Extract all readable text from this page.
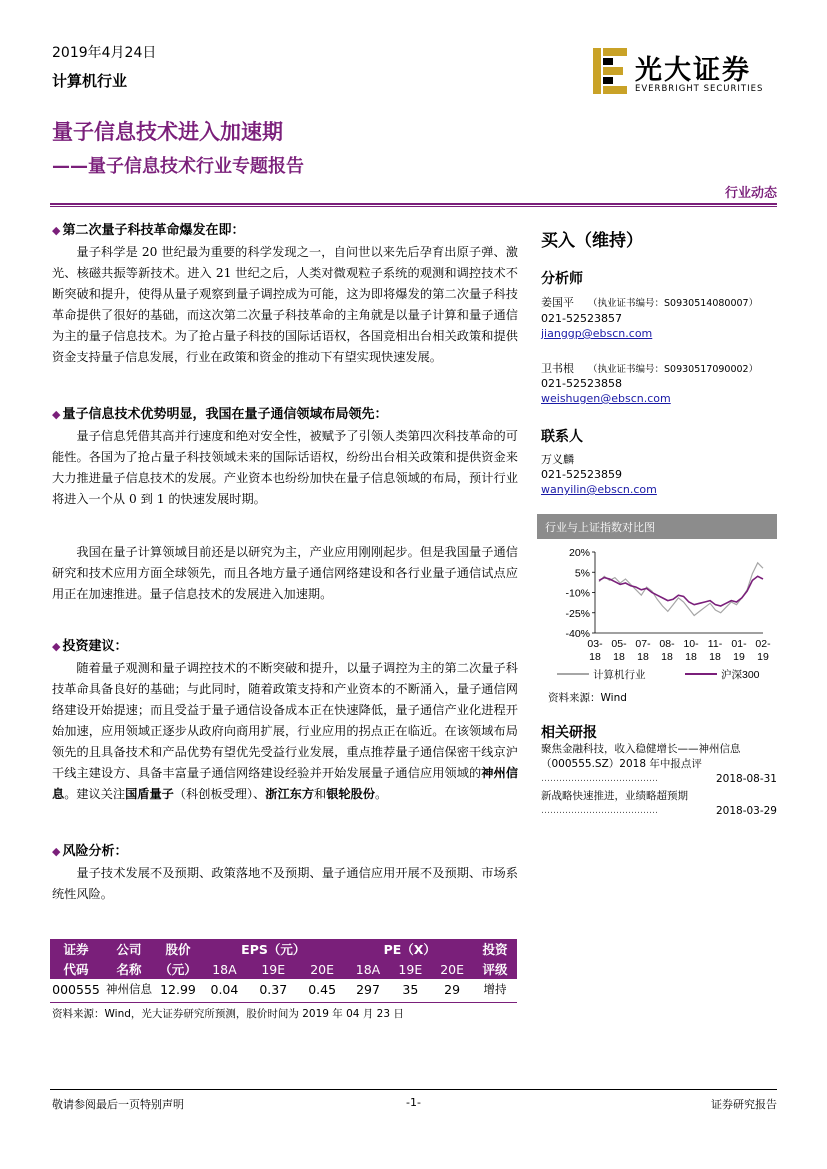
2019年4月24日
计算机行业
量子信息技术进入加速期
——量子信息技术行业专题报告
光大证券
EVERBRIGHT SECURITIES
行业动态
◆ 第二次量子科技革命爆发在即：
量子科学是 20 世纪最为重要的科学发现之一，自问世以来先后孕育出原子弹、激光、核磁共振等新技术。进入 21 世纪之后，人类对微观粒子系统的观测和调控技术不断突破和提升，使得从量子观察到量子调控成为可能，这为即将爆发的第二次量子科技革命提供了很好的基础，而这次第二次量子科技革命的主角就是以量子计算和量子通信为主的量子信息技术。为了抢占量子科技的国际话语权，各国竞相出台相关政策和提供资金支持量子信息发展，行业在政策和资金的推动下有望实现快速发展。
◆ 量子信息技术优势明显，我国在量子通信领域布局领先：
量子信息凭借其高并行速度和绝对安全性，被赋予了引领人类第四次科技革命的可能性。各国为了抢占量子科技领域未来的国际话语权，纷纷出台相关政策和提供资金来大力推进量子信息技术的发展。产业资本也纷纷加快在量子信息领域的布局，预计行业将进入一个从 0 到 1 的快速发展时期。
我国在量子计算领域目前还是以研究为主，产业应用刚刚起步。但是我国量子通信研究和技术应用方面全球领先，而且各地方量子通信网络建设和各行业量子通信试点应用正在加速推进。量子信息技术的发展进入加速期。
◆ 投资建议：
随着量子观测和量子调控技术的不断突破和提升，以量子调控为主的第二次量子科技革命具备良好的基础；与此同时，随着政策支持和产业资本的不断涌入，量子通信网络建设开始提速；而且受益于量子通信设备成本正在快速降低，量子通信产业化进程开始加速，应用领域正逐步从政府向商用扩展，行业应用的拐点正在临近。在该领域布局领先的且具备技术和产品优势有望优先受益行业发展，重点推荐量子通信保密干线京沪干线主建设方、具备丰富量子通信网络建设经验并开始发展量子通信应用领域的神州信息。建议关注国盾量子（科创板受理）、浙江东方和银轮股份。
◆ 风险分析：
量子技术发展不及预期、政策落地不及预期、量子通信应用开展不及预期、市场系统性风险。
买入（维持）
分析师
姜国平 （执业证书编号：S0930514080007）
021-52523857
jianggp@ebscn.com
卫书根 （执业证书编号：S0930517090002）
021-52523858
weishugen@ebscn.com
联系人
万义麟
021-52523859
wanyilin@ebscn.com
行业与上证指数对比图
20%
5%
-10%
-25%
-40%
03-
18
05-
18
07-
18
08-
18
10-
18
11-
18
01-
19
02-
19
计算机行业	沪深300
资料来源：Wind
相关研报
聚焦金融科技，收入稳健增长——神州信息（000555.SZ）2018 年中报点评
…………………………………	2018-08-31
新战略快速推进，业绩略超预期
…………………………………	2018-03-29
证券	公司	股价	EPS（元）			PE（X）			投资

代码	名称	（元）	18A	19E	20E	18A	19E	20E	评级
000555	神州信息	12.99	0.04	0.37	0.45	297	35	29	增持
资料来源：Wind，光大证券研究所预测，股价时间为 2019 年 04 月 23 日
敬请参阅最后一页特别声明	-1-	证券研究报告
